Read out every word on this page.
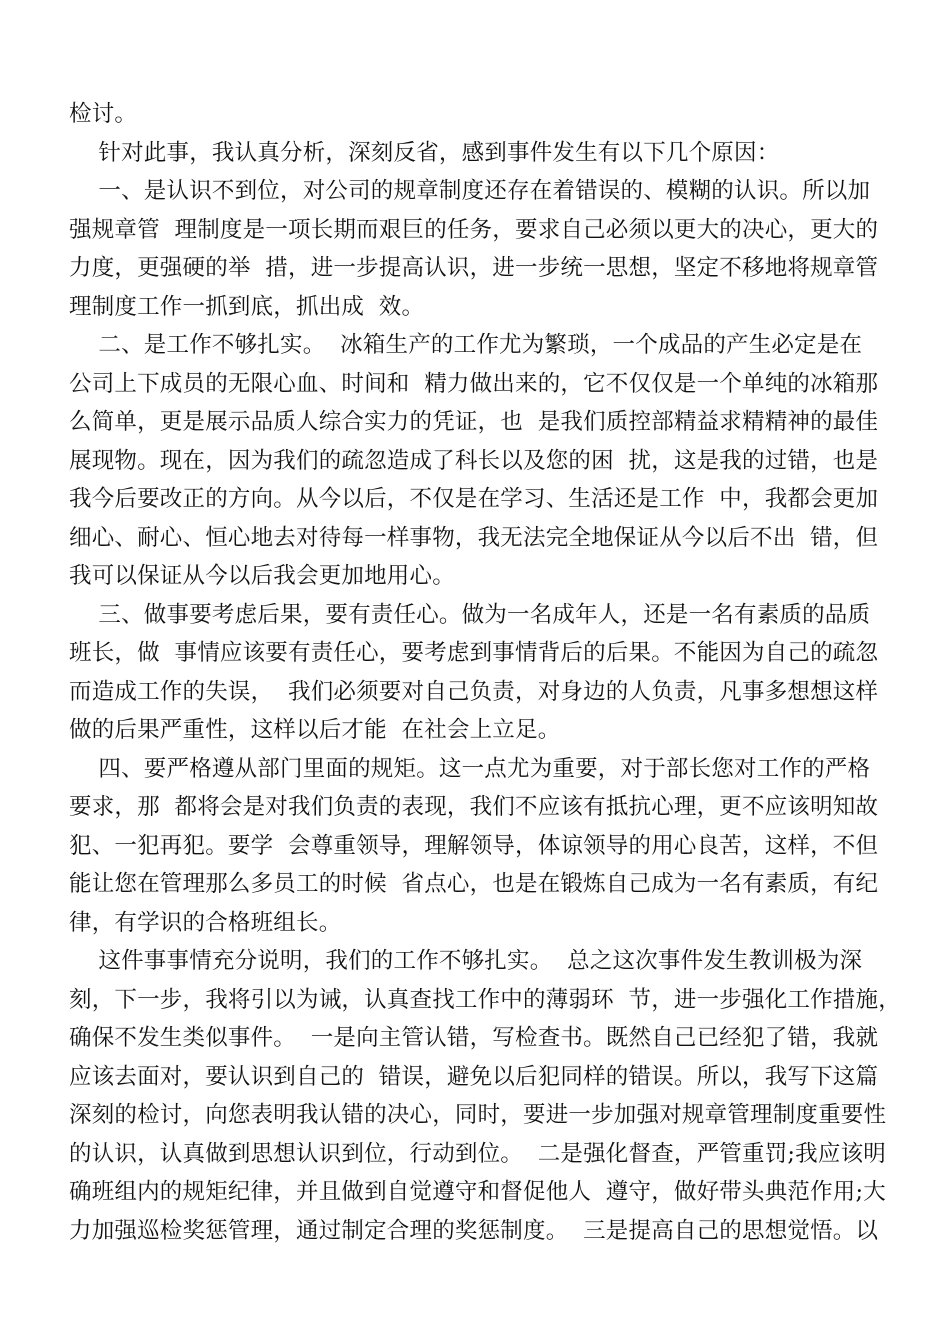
检讨。
针对此事，我认真分析，深刻反省，感到事件发生有以下几个原因：
一、是认识不到位，对公司的规章制度还存在着错误的、模糊的认识。所以加
强规章管  理制度是一项长期而艰巨的任务，要求自己必须以更大的决心，更大的
力度，更强硬的举  措，进一步提高认识，进一步统一思想，坚定不移地将规章管
理制度工作一抓到底，抓出成  效。
二、是工作不够扎实。  冰箱生产的工作尤为繁琐，一个成品的产生必定是在
公司上下成员的无限心血、时间和  精力做出来的，它不仅仅是一个单纯的冰箱那
么简单，更是展示品质人综合实力的凭证，也  是我们质控部精益求精精神的最佳
展现物。现在，因为我们的疏忽造成了科长以及您的困  扰，这是我的过错，也是
我今后要改正的方向。从今以后，不仅是在学习、生活还是工作  中，我都会更加
细心、耐心、恒心地去对待每一样事物，我无法完全地保证从今以后不出  错，但
我可以保证从今以后我会更加地用心。
三、做事要考虑后果，要有责任心。做为一名成年人，还是一名有素质的品质
班长，做  事情应该要有责任心，要考虑到事情背后的后果。不能因为自己的疏忽
而造成工作的失误，  我们必须要对自己负责，对身边的人负责，凡事多想想这样
做的后果严重性，这样以后才能  在社会上立足。
四、要严格遵从部门里面的规矩。这一点尤为重要，对于部长您对工作的严格
要求，那  都将会是对我们负责的表现，我们不应该有抵抗心理，更不应该明知故
犯、一犯再犯。要学  会尊重领导，理解领导，体谅领导的用心良苦，这样，不但
能让您在管理那么多员工的时候  省点心，也是在锻炼自己成为一名有素质，有纪
律，有学识的合格班组长。
这件事事情充分说明，我们的工作不够扎实。  总之这次事件发生教训极为深
刻，下一步，我将引以为诫，认真查找工作中的薄弱环  节，进一步强化工作措施，
确保不发生类似事件。  一是向主管认错，写检查书。既然自己已经犯了错，我就
应该去面对，要认识到自己的  错误，避免以后犯同样的错误。所以，我写下这篇
深刻的检讨，向您表明我认错的决心，同时，要进一步加强对规章管理制度重要性
的认识，认真做到思想认识到位，行动到位。  二是强化督查，严管重罚;我应该明
确班组内的规矩纪律，并且做到自觉遵守和督促他人  遵守，做好带头典范作用;大
力加强巡检奖惩管理，通过制定合理的奖惩制度。  三是提高自己的思想觉悟。以
